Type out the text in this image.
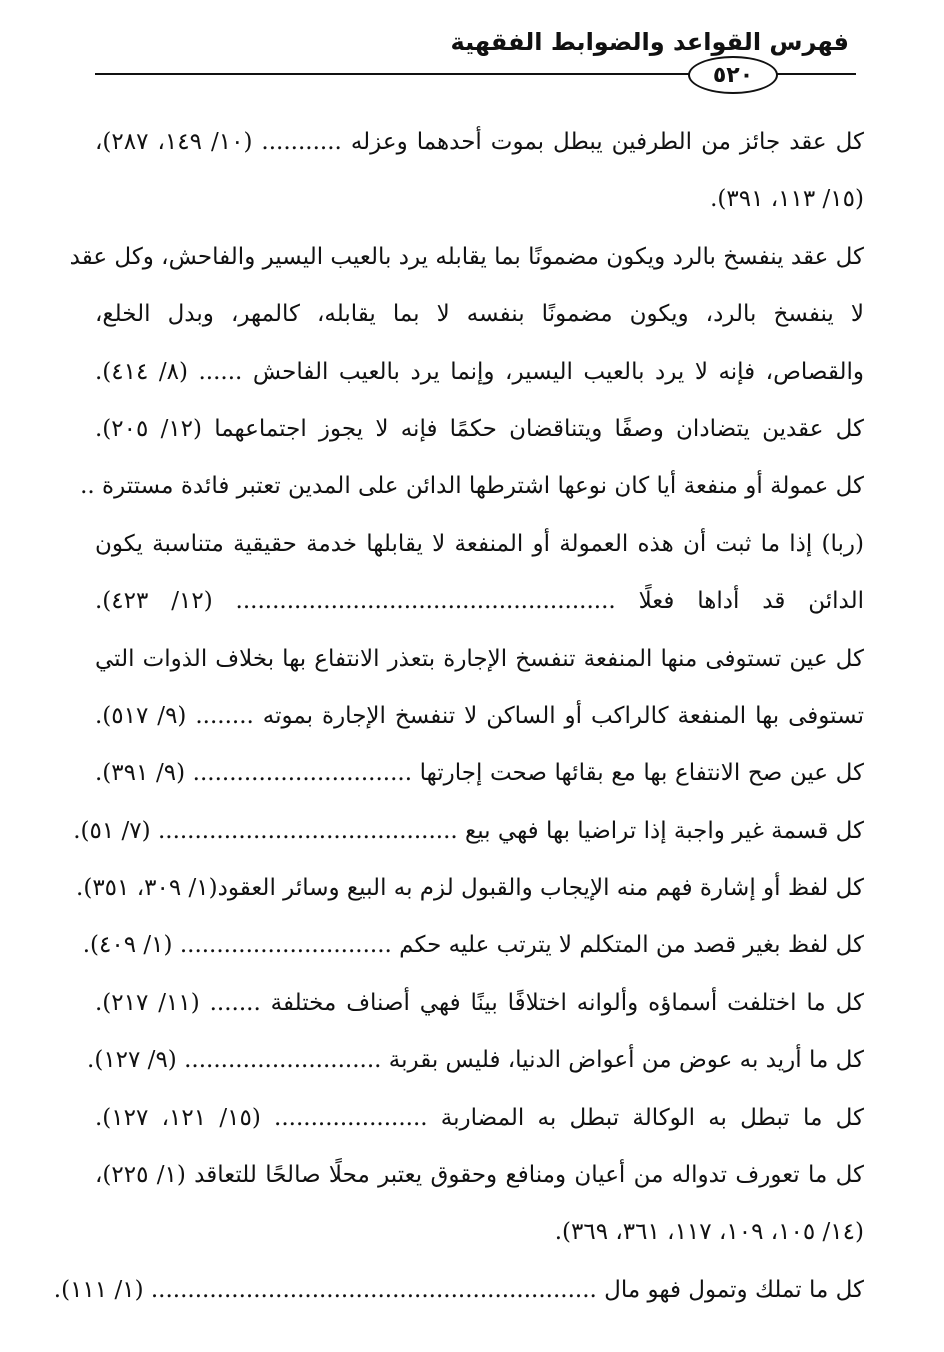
فهرس القواعد والضوابط الفقهية
٥٢٠
كل عقد جائز من الطرفين يبطل بموت أحدهما وعزله ........... (١٠/ ١٤٩، ٢٨٧)،
(١٥/ ١١٣، ٣٩١).
كل عقد ينفسخ بالرد ويكون مضمونًا بما يقابله يرد بالعيب اليسير والفاحش، وكل عقد
لا ينفسخ بالرد، ويكون مضمونًا بنفسه لا بما يقابله، كالمهر، وبدل الخلع،
والقصاص، فإنه لا يرد بالعيب اليسير، وإنما يرد بالعيب الفاحش ...... (٨/ ٤١٤).
كل عقدين يتضادان وصفًا ويتناقضان حكمًا فإنه لا يجوز اجتماعهما (١٢/ ٢٠٥).
كل عمولة أو منفعة أيا كان نوعها اشترطها الدائن على المدين تعتبر فائدة مستترة ..
(ربا) إذا ما ثبت أن هذه العمولة أو المنفعة لا يقابلها خدمة حقيقية متناسبة يكون
الدائن قد أداها فعلًا .................................................... (١٢/ ٤٢٣).
كل عين تستوفى منها المنفعة تنفسخ الإجارة بتعذر الانتفاع بها بخلاف الذوات التي
تستوفى بها المنفعة كالراكب أو الساكن لا تنفسخ الإجارة بموته ........ (٩/ ٥١٧).
كل عين صح الانتفاع بها مع بقائها صحت إجارتها .............................. (٩/ ٣٩١).
كل قسمة غير واجبة إذا تراضيا بها فهي بيع ......................................... (٧/ ٥١).
كل لفظ أو إشارة فهم منه الإيجاب والقبول لزم به البيع وسائر العقود(١/ ٣٠٩، ٣٥١).
كل لفظ بغير قصد من المتكلم لا يترتب عليه حكم ............................. (١/ ٤٠٩).
كل ما اختلفت أسماؤه وألوانه اختلافًا بينًا فهي أصناف مختلفة ....... (١١/ ٢١٧).
كل ما أريد به عوض من أعواض الدنيا، فليس بقربة ........................... (٩/ ١٢٧).
كل ما تبطل به الوكالة تبطل به المضاربة ..................... (١٥/ ١٢١، ١٢٧).
كل ما تعورف تدواله من أعيان ومنافع وحقوق يعتبر محلًا صالحًا للتعاقد (١/ ٢٢٥)،
(١٤/ ١٠٥، ١٠٩، ١١٧، ٣٦١، ٣٦٩).
كل ما تملك وتمول فهو مال ............................................................. (١/ ١١١).
